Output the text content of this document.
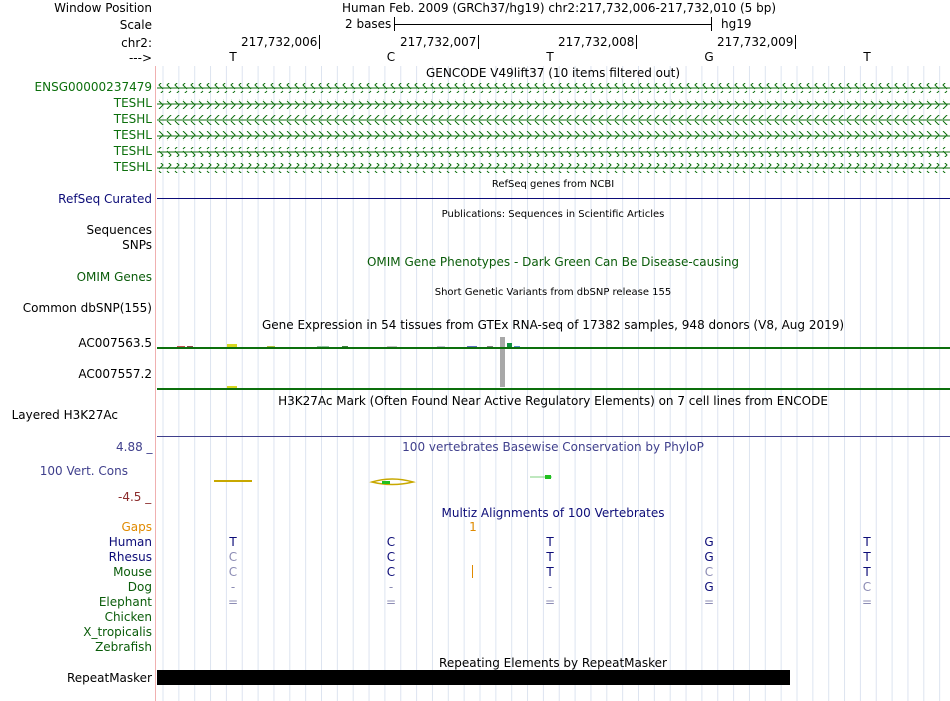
Window Position	Human Feb. 2009 (GRCh37/hg19) chr2:217,732,006-217,732,010 (5 bp)
Scale	2 bases	hg19
chr2:	217,732,006	217,732,007	217,732,008	217,732,009
--->	T	C	T	G	T
GENCODE V49lift37 (10 items filtered out)
ENSG00000237479
TESHL
TESHL
TESHL
TESHL
TESHL
RefSeq genes from NCBI
RefSeq Curated
Publications: Sequences in Scientific Articles
Sequences
SNPs
OMIM Gene Phenotypes - Dark Green Can Be Disease-causing
OMIM Genes
Short Genetic Variants from dbSNP release 155
Common dbSNP(155)
Gene Expression in 54 tissues from GTEx RNA-seq of 17382 samples, 948 donors (V8, Aug 2019)
AC007563.5
AC007557.2
H3K27Ac Mark (Often Found Near Active Regulatory Elements) on 7 cell lines from ENCODE
Layered H3K27Ac
100 vertebrates Basewise Conservation by PhyloP
4.88 _
100 Vert. Cons
-4.5 _
Multiz Alignments of 100 Vertebrates
Gaps	1
Human	T	C	T	G	T
Rhesus	C	C	T	G	T
Mouse	C	C	T	C	T
Dog	-	-	-	G	C
Elephant	=	=	=	=	=
Chicken
X_tropicalis
Zebrafish
Repeating Elements by RepeatMasker
RepeatMasker
